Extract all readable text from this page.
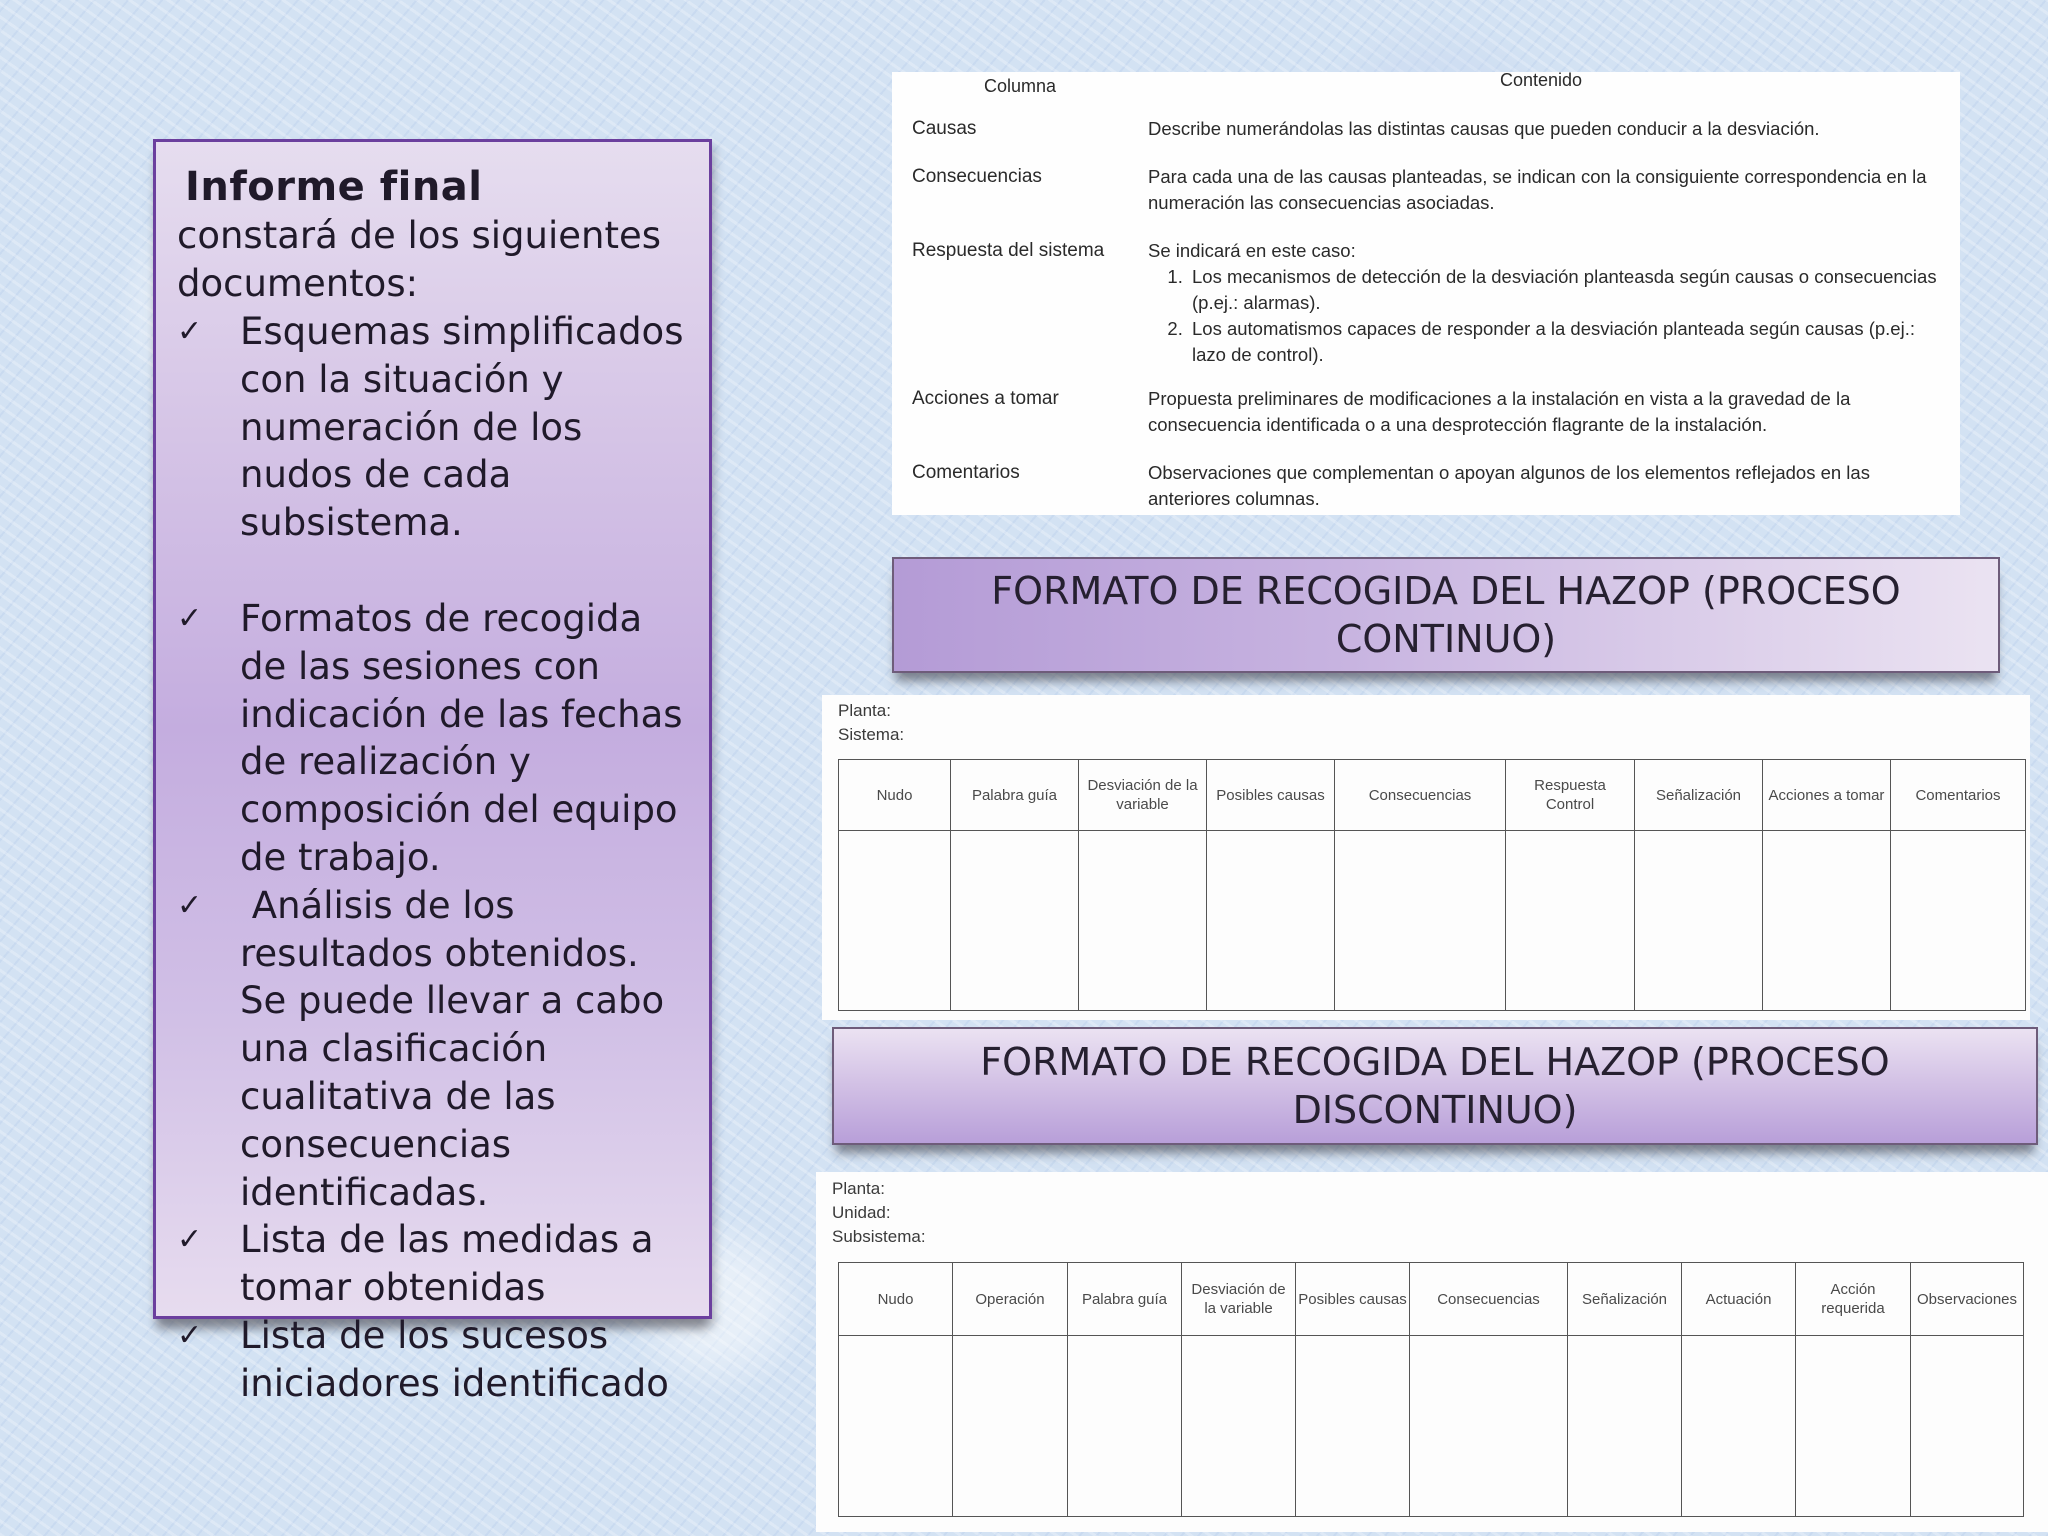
Informe final

constará de los siguientes documentos:

✓	Esquemas simplificados con la situación y numeración de los nudos de cada subsistema.
✓	Formatos de recogida de las sesiones con indicación de las fechas de realización y composición del equipo de trabajo.
✓	Análisis de los resultados obtenidos. Se puede llevar a cabo una clasificación cualitativa de las consecuencias identificadas.
✓	Lista de las medidas a tomar obtenidas
✓	Lista de los sucesos iniciadores identificado
Columna	Contenido
Causas	Describe numerándolas las distintas causas que pueden conducir a la desviación.
Consecuencias	Para cada una de las causas planteadas, se indican con la consiguiente correspondencia en la numeración las consecuencias asociadas.
Respuesta del sistema	Se indicará en este caso:
1. Los mecanismos de detección de la desviación planteasda según causas o consecuencias (p.ej.: alarmas).
2. Los automatismos capaces de responder a la desviación planteada según causas (p.ej.: lazo de control).
Acciones a tomar	Propuesta preliminares de modificaciones a la instalación en vista a la gravedad de la consecuencia identificada o a una desprotección flagrante de la instalación.
Comentarios	Observaciones que complementan o apoyan algunos de los elementos reflejados en las anteriores columnas.
FORMATO DE RECOGIDA DEL HAZOP (PROCESO CONTINUO)
Planta:
Sistema:
Nudo	Palabra guía	Desviación de la variable	Posibles causas	Consecuencias	Respuesta Control	Señalización	Acciones a tomar	Comentarios

FORMATO DE RECOGIDA DEL HAZOP (PROCESO DISCONTINUO)
Planta:
Unidad:
Subsistema:
Nudo	Operación	Palabra guía	Desviación de la variable	Posibles causas	Consecuencias	Señalización	Actuación	Acción requerida	Observaciones
